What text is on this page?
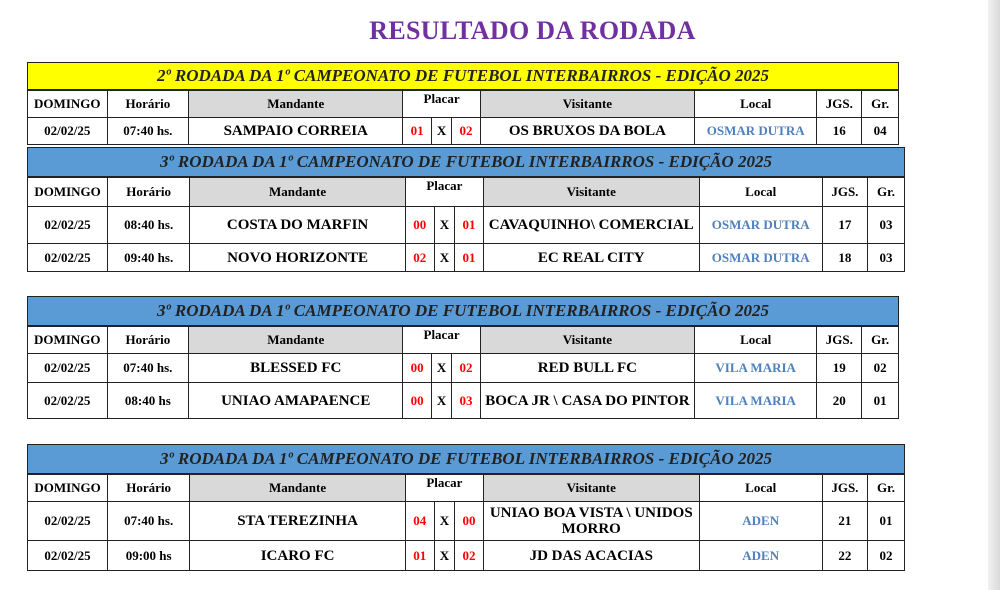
RESULTADO DA RODADA
2º RODADA DA 1º CAMPEONATO DE FUTEBOL INTERBAIRROS - EDIÇÃO 2025
DOMINGO	Horário	Mandante	Placar			Visitante	Local	JGS.	Gr.
02/02/25	07:40 hs.	SAMPAIO CORREIA	01	X	02	OS BRUXOS DA BOLA	OSMAR DUTRA	16	04
3º RODADA DA 1º CAMPEONATO DE FUTEBOL INTERBAIRROS - EDIÇÃO 2025
DOMINGO	Horário	Mandante	Placar			Visitante	Local	JGS.	Gr.
02/02/25	08:40 hs.	COSTA DO MARFIN	00	X	01	CAVAQUINHO\ COMERCIAL	OSMAR DUTRA	17	03
02/02/25	09:40 hs.	NOVO HORIZONTE	02	X	01	EC REAL CITY	OSMAR DUTRA	18	03
3º RODADA DA 1º CAMPEONATO DE FUTEBOL INTERBAIRROS - EDIÇÃO 2025
DOMINGO	Horário	Mandante	Placar			Visitante	Local	JGS.	Gr.
02/02/25	07:40 hs.	BLESSED FC	00	X	02	RED BULL FC	VILA MARIA	19	02
02/02/25	08:40 hs	UNIAO AMAPAENCE	00	X	03	BOCA JR \ CASA DO PINTOR	VILA MARIA	20	01
3º RODADA DA 1º CAMPEONATO DE FUTEBOL INTERBAIRROS - EDIÇÃO 2025
DOMINGO	Horário	Mandante	Placar			Visitante	Local	JGS.	Gr.
02/02/25	07:40 hs.	STA TEREZINHA	04	X	00	UNIAO BOA VISTA \ UNIDOS MORRO	ADEN	21	01
02/02/25	09:00 hs	ICARO FC	01	X	02	JD DAS ACACIAS	ADEN	22	02
